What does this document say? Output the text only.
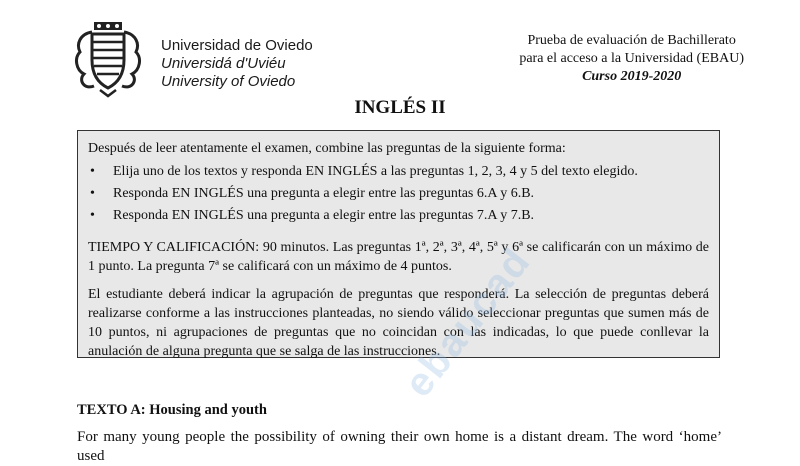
Universidad de Oviedo
Universidá d'Uviéu
University of Oviedo
Prueba de evaluación de Bachillerato
para el acceso a la Universidad (EBAU)
Curso 2019-2020
INGLÉS II

Después de leer atentamente el examen, combine las preguntas de la siguiente forma:

• Elija uno de los textos y responda EN INGLÉS a las preguntas 1, 2, 3, 4 y 5 del texto elegido.
• Responda EN INGLÉS una pregunta a elegir entre las preguntas 6.A y 6.B.
• Responda EN INGLÉS una pregunta a elegir entre las preguntas 7.A y 7.B.

TIEMPO Y CALIFICACIÓN: 90 minutos. Las preguntas 1ª, 2ª, 3ª, 4ª, 5ª y 6ª se calificarán con un máximo de 1 punto. La pregunta 7ª se calificará con un máximo de 4 puntos.

El estudiante deberá indicar la agrupación de preguntas que responderá. La selección de preguntas deberá realizarse conforme a las instrucciones planteadas, no siendo válido seleccionar preguntas que sumen más de 10 puntos, ni agrupaciones de preguntas que no coincidan con las indicadas, lo que puede conllevar la anulación de alguna pregunta que se salga de las instrucciones.

ebaucad
TEXTO A: Housing and youth
For many young people the possibility of owning their own home is a distant dream. The word ‘home’ used
